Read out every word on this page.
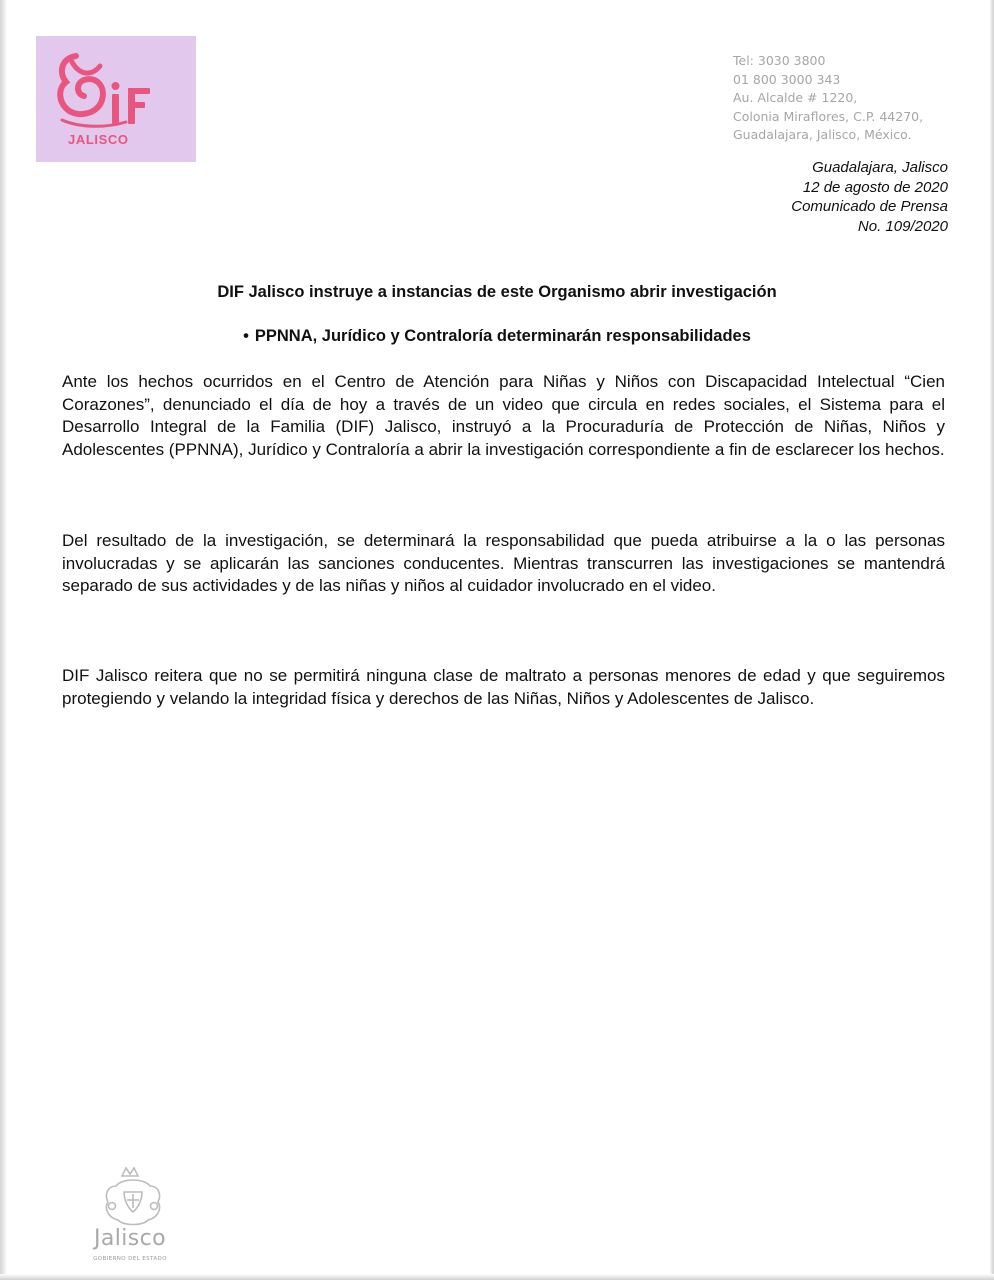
JALISCO
Tel: 3030 3800
01 800 3000 343
Au. Alcalde # 1220,
Colonia Miraflores, C.P. 44270,
Guadalajara, Jalisco, México.
Guadalajara, Jalisco
12 de agosto de 2020
Comunicado de Prensa
No. 109/2020
DIF Jalisco instruye a instancias de este Organismo abrir investigación
• PPNNA, Jurídico y Contraloría determinarán responsabilidades

Ante los hechos ocurridos en el Centro de Atención para Niñas y Niños con Discapacidad Intelectual “Cien Corazones”, denunciado el día de hoy a través de un video que circula en redes sociales, el Sistema para el Desarrollo Integral de la Familia (DIF) Jalisco, instruyó a la Procuraduría de Protección de Niñas, Niños y Adolescentes (PPNNA), Jurídico y Contraloría a abrir la investigación correspondiente a fin de esclarecer los hechos.

Del resultado de la investigación, se determinará la responsabilidad que pueda atribuirse a la o las personas involucradas y se aplicarán las sanciones conducentes. Mientras transcurren las investigaciones se mantendrá separado de sus actividades y de las niñas y niños al cuidador involucrado en el video.

DIF Jalisco reitera que no se permitirá ninguna clase de maltrato a personas menores de edad y que seguiremos protegiendo y velando la integridad física y derechos de las Niñas, Niños y Adolescentes de Jalisco.

Jalisco
GOBIERNO DEL ESTADO
